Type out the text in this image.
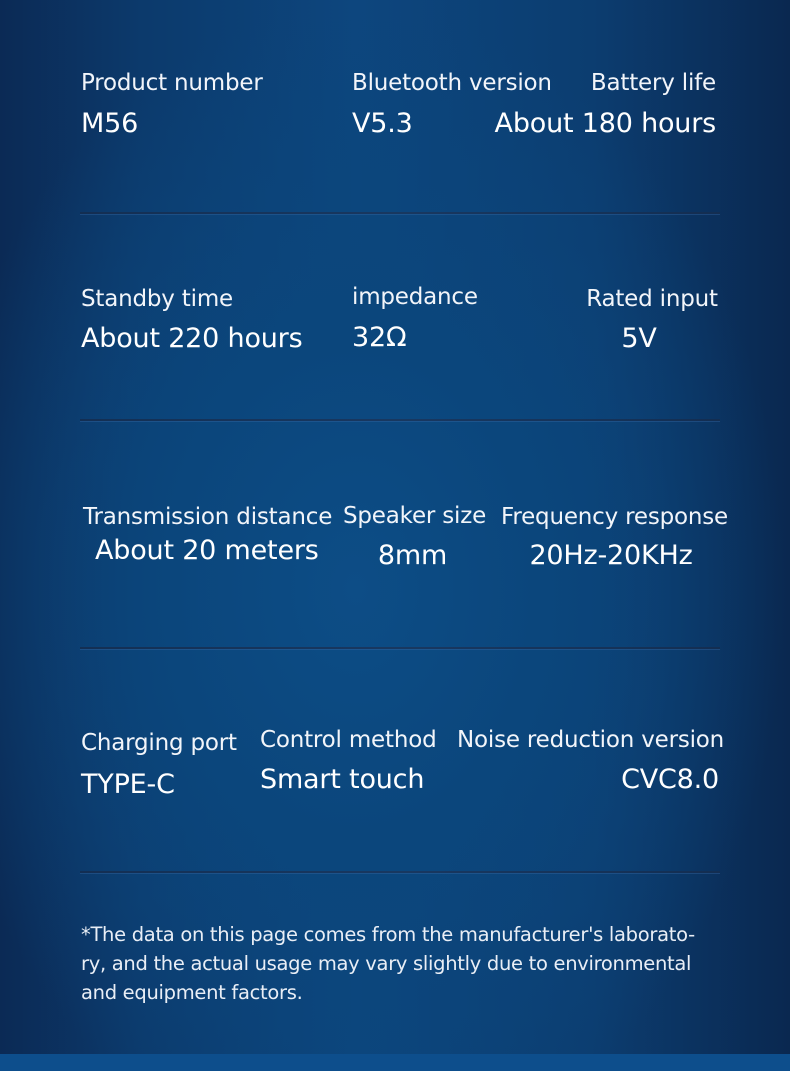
Product number
M56
Bluetooth version
V5.3
Battery life
About 180 hours
Standby time
About 220 hours
impedance
32Ω
Rated input
5V
Transmission distance
About 20 meters
Speaker size
8mm
Frequency response
20Hz-20KHz
Charging port
TYPE-C
Control method
Smart touch
Noise reduction version
CVC8.0
*The data on this page comes from the manufacturer's laborato-
ry, and the actual usage may vary slightly due to environmental
and equipment factors.
